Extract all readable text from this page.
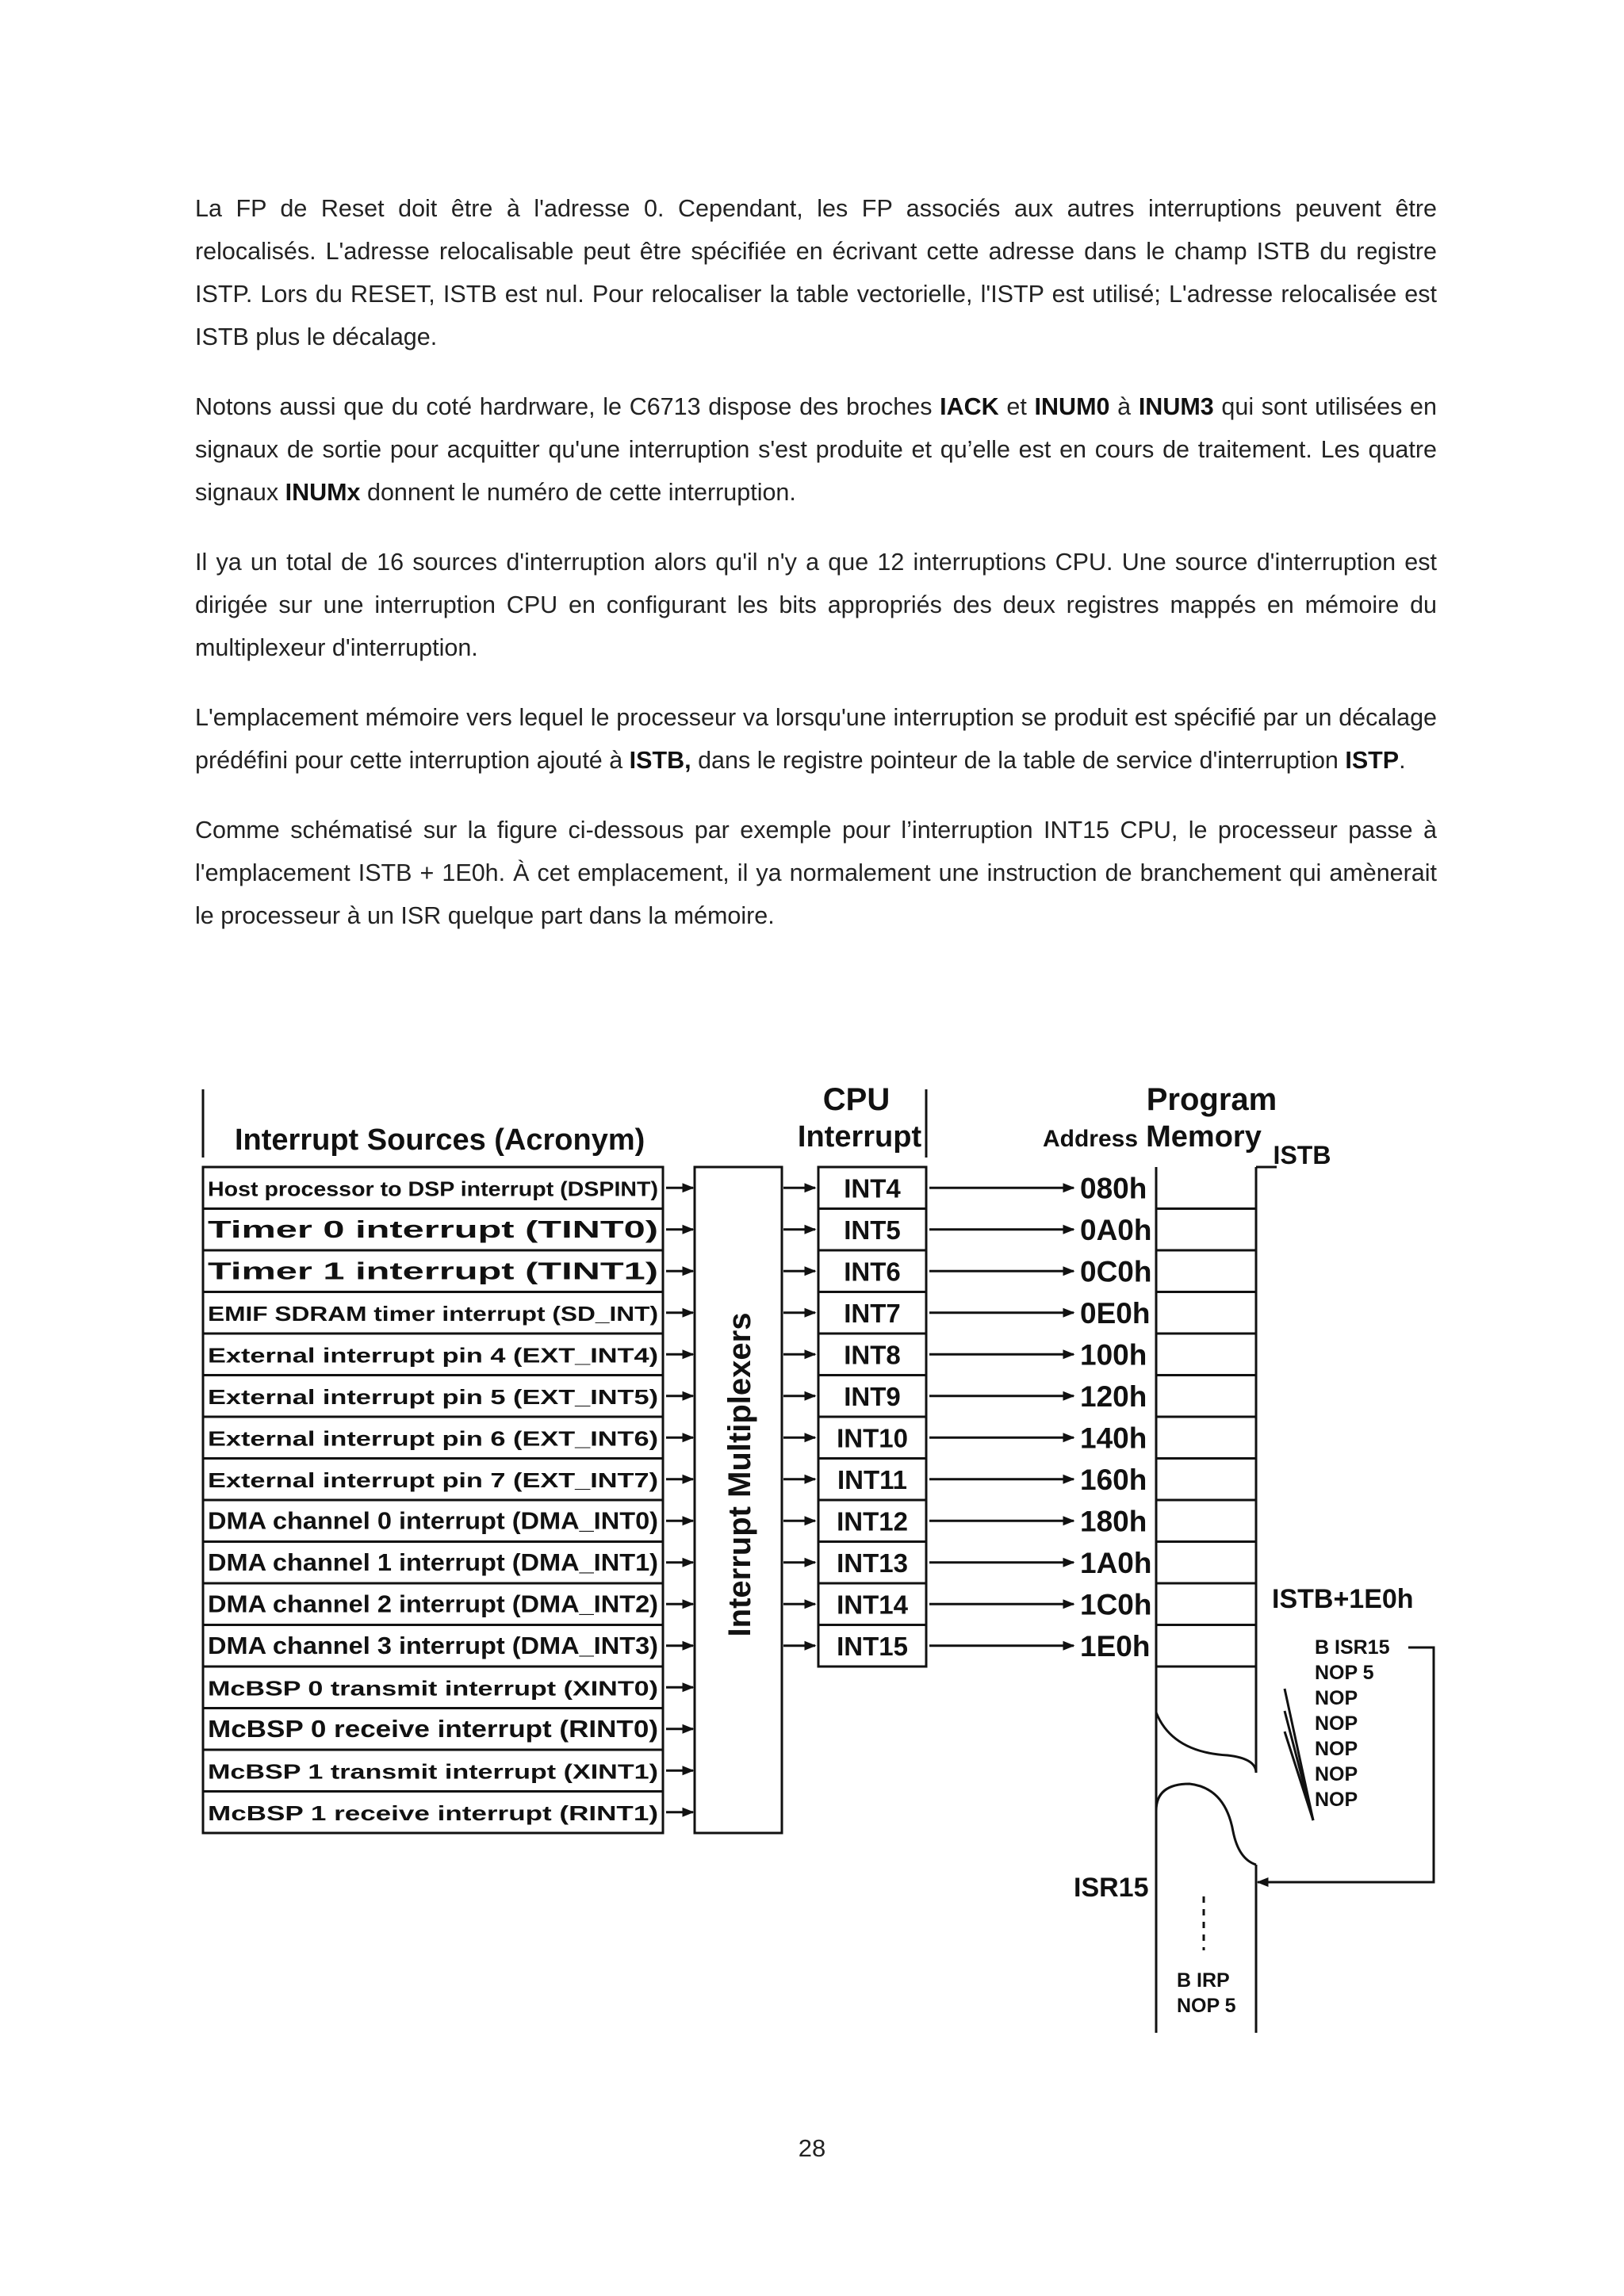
La FP de Reset doit être à l'adresse 0. Cependant, les FP associés aux autres interruptions peuvent être relocalisés. L'adresse relocalisable peut être spécifiée en écrivant cette adresse dans le champ ISTB du registre ISTP. Lors du RESET, ISTB est nul. Pour relocaliser la table vectorielle, l'ISTP est utilisé; L'adresse relocalisée est ISTB plus le décalage.

Notons aussi que du coté hardrware, le C6713 dispose des broches IACK et INUM0 à INUM3 qui sont utilisées en signaux de sortie pour acquitter qu'une interruption s'est produite et qu’elle est en cours de traitement. Les quatre signaux INUMx donnent le numéro de cette interruption.

Il ya un total de 16 sources d'interruption alors qu'il n'y a que 12 interruptions CPU. Une source d'interruption est dirigée sur une interruption CPU en configurant les bits appropriés des deux registres mappés en mémoire du multiplexeur d'interruption.

L'emplacement mémoire vers lequel le processeur va lorsqu'une interruption se produit est spécifié par un décalage prédéfini pour cette interruption ajouté à ISTB, dans le registre pointeur de la table de service d'interruption ISTP.

Comme schématisé sur la figure ci-dessous par exemple pour l’interruption INT15 CPU, le processeur passe à l'emplacement ISTB + 1E0h. À cet emplacement, il ya normalement une instruction de branchement qui amènerait le processeur à un ISR quelque part dans la mémoire.

Interrupt Sources (Acronym)
CPU
Interrupt
Program
Address Memory
ISTB
Host processor to DSP interrupt (DSPINT)
Timer 0 interrupt (TINT0)
Timer 1 interrupt (TINT1)
EMIF SDRAM timer interrupt (SD_INT)
External interrupt pin 4 (EXT_INT4)
External interrupt pin 5 (EXT_INT5)
External interrupt pin 6 (EXT_INT6)
External interrupt pin 7 (EXT_INT7)
DMA channel 0 interrupt (DMA_INT0)
DMA channel 1 interrupt (DMA_INT1)
DMA channel 2 interrupt (DMA_INT2)
DMA channel 3 interrupt (DMA_INT3)
McBSP 0 transmit interrupt (XINT0)
McBSP 0 receive interrupt (RINT0)
McBSP 1 transmit interrupt (XINT1)
McBSP 1 receive interrupt (RINT1)
INT4
INT5
INT6
INT7
INT8
INT9
INT10
INT11
INT12
INT13
INT14
INT15
080h
0A0h
0C0h
0E0h
100h
120h
140h
160h
180h
1A0h
1C0h
1E0h
Interrupt Multiplexers	ISTB+1E0h
ISR15
B ISR15
NOP 5
NOP
NOP
NOP
NOP
NOP
B IRP
NOP 5
28
